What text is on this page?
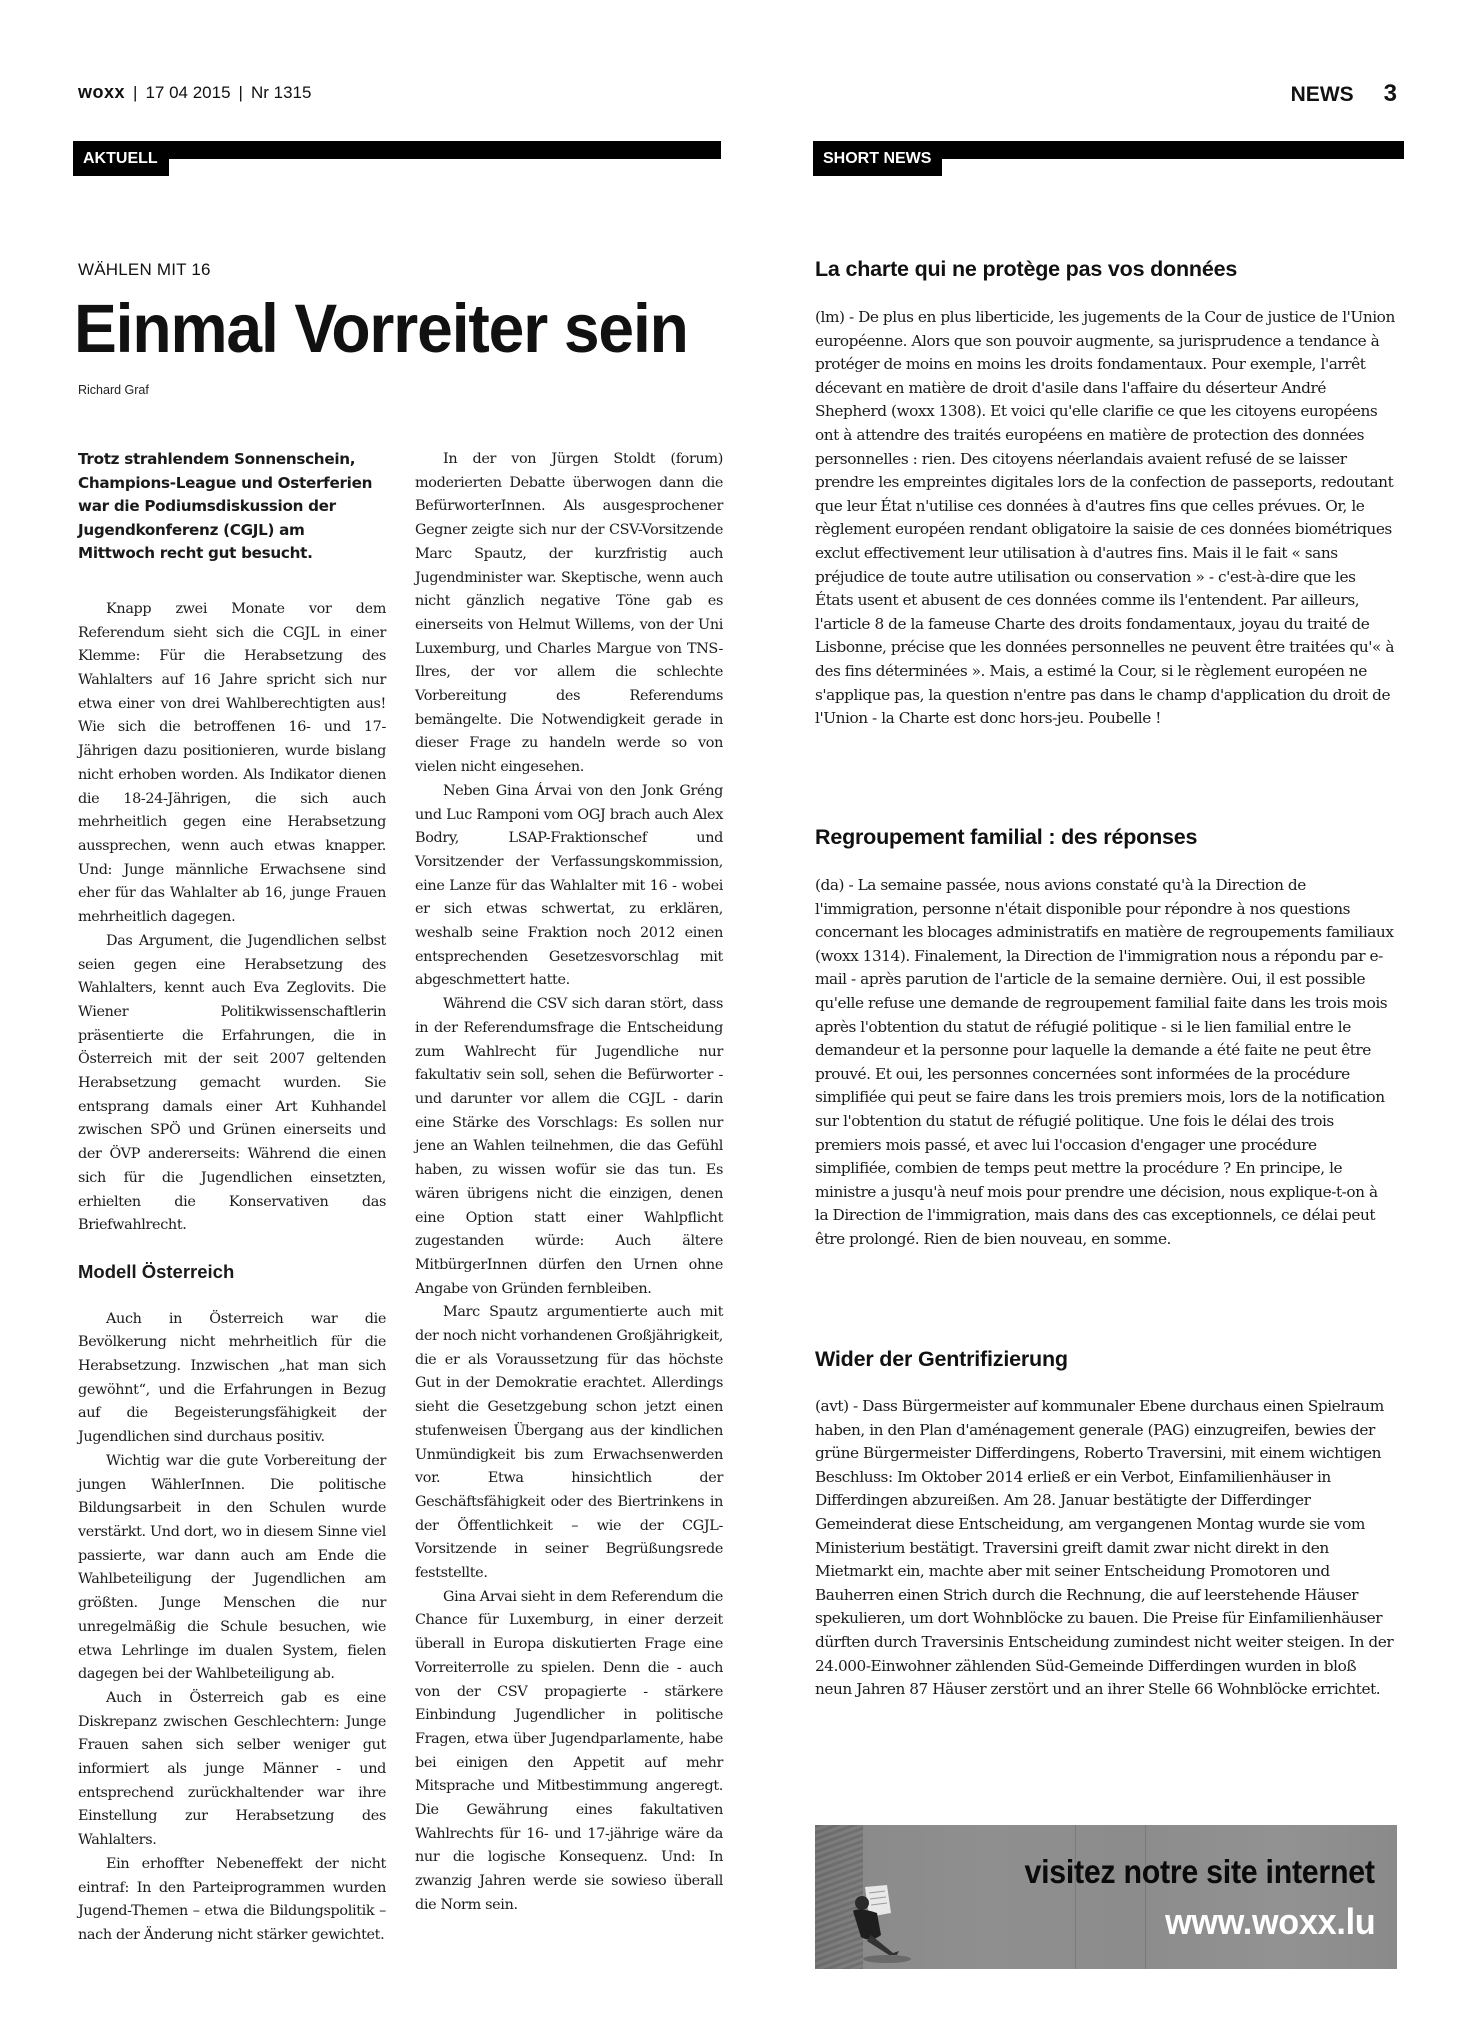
woxx | 17 04 2015 | Nr 1315	NEWS 3
AKTUELL	SHORT NEWS
WÄHLEN MIT 16
Einmal Vorreiter sein
Richard Graf

Trotz strahlendem Sonnenschein, Champions-League und Osterferien war die Podiumsdiskussion der Jugendkonferenz (CGJL) am Mittwoch recht gut besucht.

Knapp zwei Monate vor dem Referendum sieht sich die CGJL in einer Klemme: Für die Herabsetzung des Wahlalters auf 16 Jahre spricht sich nur etwa einer von drei Wahlberechtigten aus! Wie sich die betroffenen 16- und 17-Jährigen dazu positionieren, wurde bislang nicht erhoben worden. Als Indikator dienen die 18-24-Jährigen, die sich auch mehrheitlich gegen eine Herabsetzung aussprechen, wenn auch etwas knapper. Und: Junge männliche Erwachsene sind eher für das Wahlalter ab 16, junge Frauen mehrheitlich dagegen.

Das Argument, die Jugendlichen selbst seien gegen eine Herabsetzung des Wahlalters, kennt auch Eva Zeglovits. Die Wiener Politikwissenschaftlerin präsentierte die Erfahrungen, die in Österreich mit der seit 2007 geltenden Herabsetzung gemacht wurden. Sie entsprang damals einer Art Kuhhandel zwischen SPÖ und Grünen einerseits und der ÖVP andererseits: Während die einen sich für die Jugendlichen einsetzten, erhielten die Konservativen das Briefwahlrecht.

Modell Österreich

Auch in Österreich war die Bevölkerung nicht mehrheitlich für die Herabsetzung. Inzwischen „hat man sich gewöhnt“, und die Erfahrungen in Bezug auf die Begeisterungsfähigkeit der Jugendlichen sind durchaus positiv.

Wichtig war die gute Vorbereitung der jungen WählerInnen. Die politische Bildungsarbeit in den Schulen wurde verstärkt. Und dort, wo in diesem Sinne viel passierte, war dann auch am Ende die Wahlbeteiligung der Jugendlichen am größten. Junge Menschen die nur unregelmäßig die Schule besuchen, wie etwa Lehrlinge im dualen System, fielen dagegen bei der Wahlbeteiligung ab.

Auch in Österreich gab es eine Diskrepanz zwischen Geschlechtern: Junge Frauen sahen sich selber weniger gut informiert als junge Männer - und entsprechend zurückhaltender war ihre Einstellung zur Herabsetzung des Wahlalters.

Ein erhoffter Nebeneffekt der nicht eintraf: In den Parteiprogrammen wurden Jugend-Themen – etwa die Bildungspolitik – nach der Änderung nicht stärker gewichtet.

In der von Jürgen Stoldt (forum) moderierten Debatte überwogen dann die BefürworterInnen. Als ausgesprochener Gegner zeigte sich nur der CSV-Vorsitzende Marc Spautz, der kurzfristig auch Jugendminister war. Skeptische, wenn auch nicht gänzlich negative Töne gab es einerseits von Helmut Willems, von der Uni Luxemburg, und Charles Margue von TNS-Ilres, der vor allem die schlechte Vorbereitung des Referendums bemängelte. Die Notwendigkeit gerade in dieser Frage zu handeln werde so von vielen nicht eingesehen.

Neben Gina Árvai von den Jonk Gréng und Luc Ramponi vom OGJ brach auch Alex Bodry, LSAP-Fraktionschef und Vorsitzender der Verfassungskommission, eine Lanze für das Wahlalter mit 16 - wobei er sich etwas schwertat, zu erklären, weshalb seine Fraktion noch 2012 einen entsprechenden Gesetzesvorschlag mit abgeschmettert hatte.

Während die CSV sich daran stört, dass in der Referendumsfrage die Entscheidung zum Wahlrecht für Jugendliche nur fakultativ sein soll, sehen die Befürworter - und darunter vor allem die CGJL - darin eine Stärke des Vorschlags: Es sollen nur jene an Wahlen teilnehmen, die das Gefühl haben, zu wissen wofür sie das tun. Es wären übrigens nicht die einzigen, denen eine Option statt einer Wahlpflicht zugestanden würde: Auch ältere MitbürgerInnen dürfen den Urnen ohne Angabe von Gründen fernbleiben.

Marc Spautz argumentierte auch mit der noch nicht vorhandenen Großjährigkeit, die er als Voraussetzung für das höchste Gut in der Demokratie erachtet. Allerdings sieht die Gesetzgebung schon jetzt einen stufenweisen Übergang aus der kindlichen Unmündigkeit bis zum Erwachsenwerden vor. Etwa hinsichtlich der Geschäftsfähigkeit oder des Biertrinkens in der Öffentlichkeit – wie der CGJL-Vorsitzende in seiner Begrüßungsrede feststellte.

Gina Arvai sieht in dem Referendum die Chance für Luxemburg, in einer derzeit überall in Europa diskutierten Frage eine Vorreiterrolle zu spielen. Denn die - auch von der CSV propagierte - stärkere Einbindung Jugendlicher in politische Fragen, etwa über Jugendparlamente, habe bei einigen den Appetit auf mehr Mitsprache und Mitbestimmung angeregt. Die Gewährung eines fakultativen Wahlrechts für 16- und 17-jährige wäre da nur die logische Konsequenz. Und: In zwanzig Jahren werde sie sowieso überall die Norm sein.

La charte qui ne protège pas vos données
(lm) - De plus en plus liberticide, les jugements de la Cour de justice de l'Union européenne. Alors que son pouvoir augmente, sa jurisprudence a tendance à protéger de moins en moins les droits fondamentaux. Pour exemple, l'arrêt décevant en matière de droit d'asile dans l'affaire du déserteur André Shepherd (woxx 1308). Et voici qu'elle clarifie ce que les citoyens européens ont à attendre des traités européens en matière de protection des données personnelles : rien. Des citoyens néerlandais avaient refusé de se laisser prendre les empreintes digitales lors de la confection de passeports, redoutant que leur État n'utilise ces données à d'autres fins que celles prévues. Or, le règlement européen rendant obligatoire la saisie de ces données biométriques exclut effectivement leur utilisation à d'autres fins. Mais il le fait « sans préjudice de toute autre utilisation ou conservation » - c'est-à-dire que les États usent et abusent de ces données comme ils l'entendent. Par ailleurs, l'article 8 de la fameuse Charte des droits fondamentaux, joyau du traité de Lisbonne, précise que les données personnelles ne peuvent être traitées qu'« à des fins déterminées ». Mais, a estimé la Cour, si le règlement européen ne s'applique pas, la question n'entre pas dans le champ d'application du droit de l'Union - la Charte est donc hors-jeu. Poubelle !
Regroupement familial : des réponses
(da) - La semaine passée, nous avions constaté qu'à la Direction de l'immigration, personne n'était disponible pour répondre à nos questions concernant les blocages administratifs en matière de regroupements familiaux (woxx 1314). Finalement, la Direction de l'immigration nous a répondu par e-mail - après parution de l'article de la semaine dernière. Oui, il est possible qu'elle refuse une demande de regroupement familial faite dans les trois mois après l'obtention du statut de réfugié politique - si le lien familial entre le demandeur et la personne pour laquelle la demande a été faite ne peut être prouvé. Et oui, les personnes concernées sont informées de la procédure simplifiée qui peut se faire dans les trois premiers mois, lors de la notification sur l'obtention du statut de réfugié politique. Une fois le délai des trois premiers mois passé, et avec lui l'occasion d'engager une procédure simplifiée, combien de temps peut mettre la procédure ? En principe, le ministre a jusqu'à neuf mois pour prendre une décision, nous explique-t-on à la Direction de l'immigration, mais dans des cas exceptionnels, ce délai peut être prolongé. Rien de bien nouveau, en somme.
Wider der Gentrifizierung
(avt) - Dass Bürgermeister auf kommunaler Ebene durchaus einen Spielraum haben, in den Plan d'aménagement generale (PAG) einzugreifen, bewies der grüne Bürgermeister Differdingens, Roberto Traversini, mit einem wichtigen Beschluss: Im Oktober 2014 erließ er ein Verbot, Einfamilienhäuser in Differdingen abzureißen. Am 28. Januar bestätigte der Differdinger Gemeinderat diese Entscheidung, am vergangenen Montag wurde sie vom Ministerium bestätigt. Traversini greift damit zwar nicht direkt in den Mietmarkt ein, machte aber mit seiner Entscheidung Promotoren und Bauherren einen Strich durch die Rechnung, die auf leerstehende Häuser spekulieren, um dort Wohnblöcke zu bauen. Die Preise für Einfamilienhäuser dürften durch Traversinis Entscheidung zumindest nicht weiter steigen. In der 24.000-Einwohner zählenden Süd-Gemeinde Differdingen wurden in bloß neun Jahren 87 Häuser zerstört und an ihrer Stelle 66 Wohnblöcke errichtet.
visitez notre site internet
www.woxx.lu
